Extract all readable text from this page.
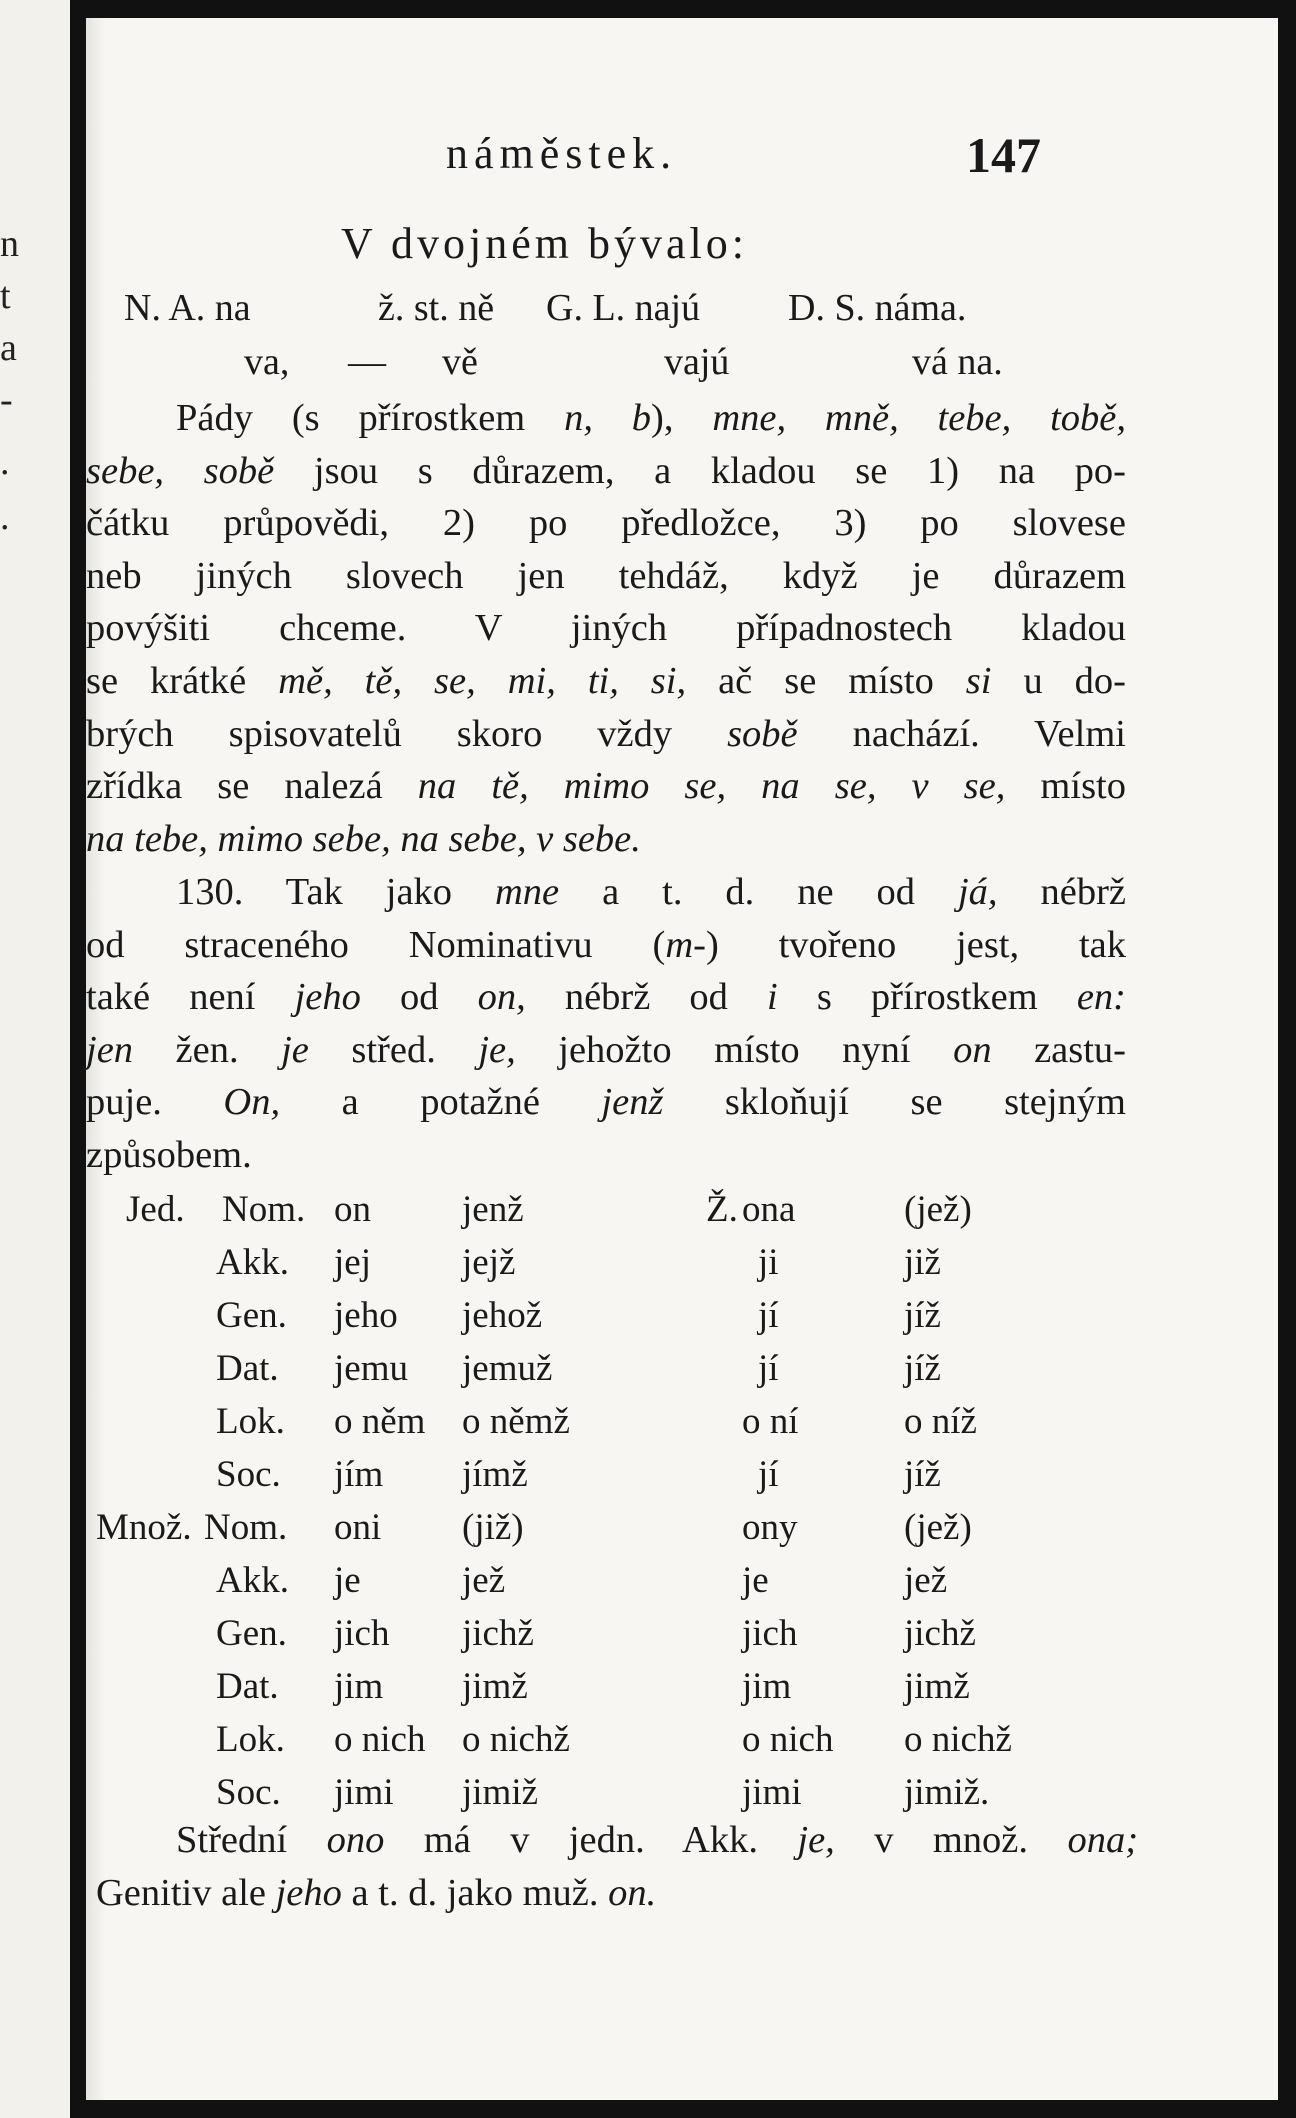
n
t
a
-
.
.
náměstek.	147
V dvojném bývalo:
N. A. na	ž. st. ně G. L. najú D. S. náma.
va, — vě	vajú	vá na.
Pády (s přírostkem n, b), mne, mně, tebe, tobě,
sebe, sobě jsou s důrazem, a kladou se 1) na po-
čátku průpovědi, 2) po předložce, 3) po slovese
neb jiných slovech jen tehdáž, když je důrazem
povýšiti chceme. V jiných případnostech kladou
se krátké mě, tě, se, mi, ti, si, ač se místo si u do-
brých spisovatelů skoro vždy sobě nachází. Velmi
zřídka se nalezá na tě, mimo se, na se, v se, místo
na tebe, mimo sebe, na sebe, v sebe.
130. Tak jako mne a t. d. ne od já, nébrž
od straceného Nominativu (m-) tvořeno jest, tak
také není jeho od on, nébrž od i s přírostkem en:
jen žen. je střed. je, jehožto místo nyní on zastu-
puje. On, a potažné jenž skloňují se stejným
způsobem.
Jed. Nom. on jenž	Ž. ona	(jež)
Akk. jej jejž	ji	již
Gen. jeho jehož	jí	jíž
Dat. jemu jemuž	jí	jíž
Lok. o něm o němž	o ní	o níž
Soc. jím jímž	jí	jíž
Množ. Nom. oni (již)	ony	(jež)
Akk. je	jež	je	jež
Gen. jich jichž	jich	jichž
Dat. jim jimž	jim	jimž
Lok. o nich o nichž	o nich o nichž
Soc. jimi jimiž	jimi	jimiž.
Střední ono má v jedn. Akk. je, v množ. ona;
Genitiv ale jeho a t. d. jako muž. on.
